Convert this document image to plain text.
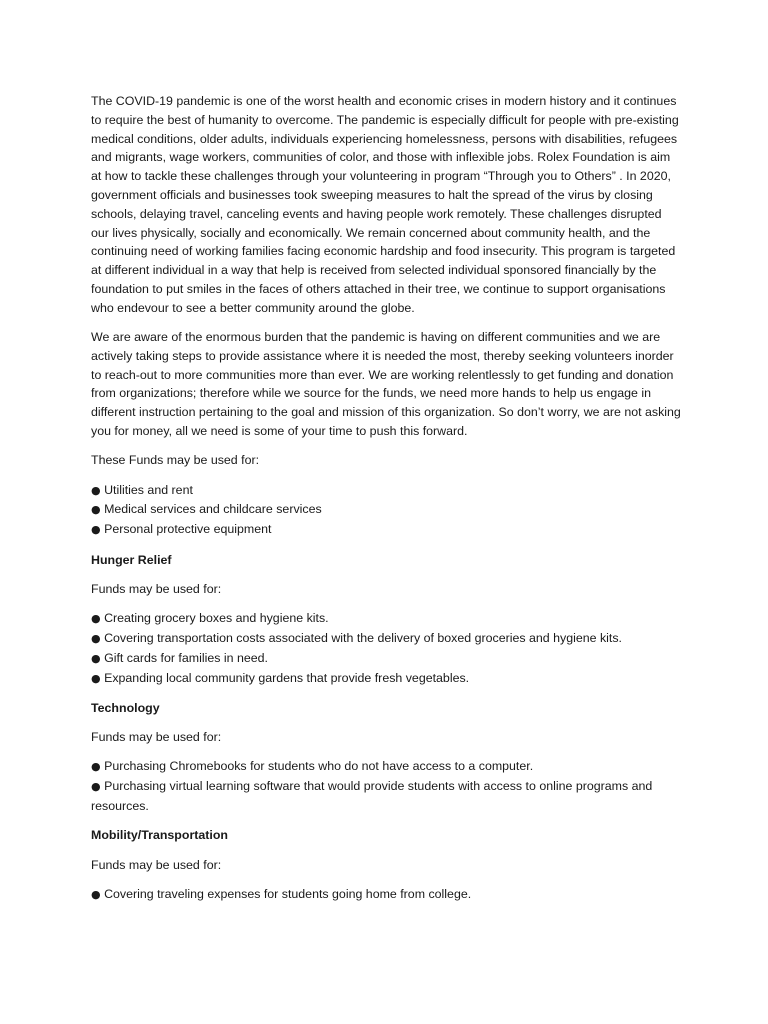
The COVID-19 pandemic is one of the worst health and economic crises in modern history and it continues to require the best of humanity to overcome. The pandemic is especially difficult for people with pre-existing medical conditions, older adults, individuals experiencing homelessness, persons with disabilities, refugees and migrants, wage workers, communities of color, and those with inflexible jobs. Rolex Foundation is aim at how to tackle these challenges through your volunteering in program “Through you to Others” . In 2020, government officials and businesses took sweeping measures to halt the spread of the virus by closing schools, delaying travel, canceling events and having people work remotely. These challenges disrupted our lives physically, socially and economically. We remain concerned about community health, and the continuing need of working families facing economic hardship and food insecurity. This program is targeted at different individual in a way that help is received from selected individual sponsored financially by the foundation to put smiles in the faces of others attached in their tree, we continue to support organisations who endevour to see a better community around the globe.

We are aware of the enormous burden that the pandemic is having on different communities and we are actively taking steps to provide assistance where it is needed the most, thereby seeking volunteers inorder to reach-out to more communities more than ever. We are working relentlessly to get funding and donation from organizations; therefore while we source for the funds, we need more hands to help us engage in different instruction pertaining to the goal and mission of this organization. So don’t worry, we are not asking you for money, all we need is some of your time to push this forward.

These Funds may be used for:

● Utilities and rent
● Medical services and childcare services
● Personal protective equipment
Hunger Relief

Funds may be used for:

● Creating grocery boxes and hygiene kits.
● Covering transportation costs associated with the delivery of boxed groceries and hygiene kits.
● Gift cards for families in need.
● Expanding local community gardens that provide fresh vegetables.
Technology

Funds may be used for:

● Purchasing Chromebooks for students who do not have access to a computer.
● Purchasing virtual learning software that would provide students with access to online programs and resources.
Mobility/Transportation

Funds may be used for:

● Covering traveling expenses for students going home from college.
